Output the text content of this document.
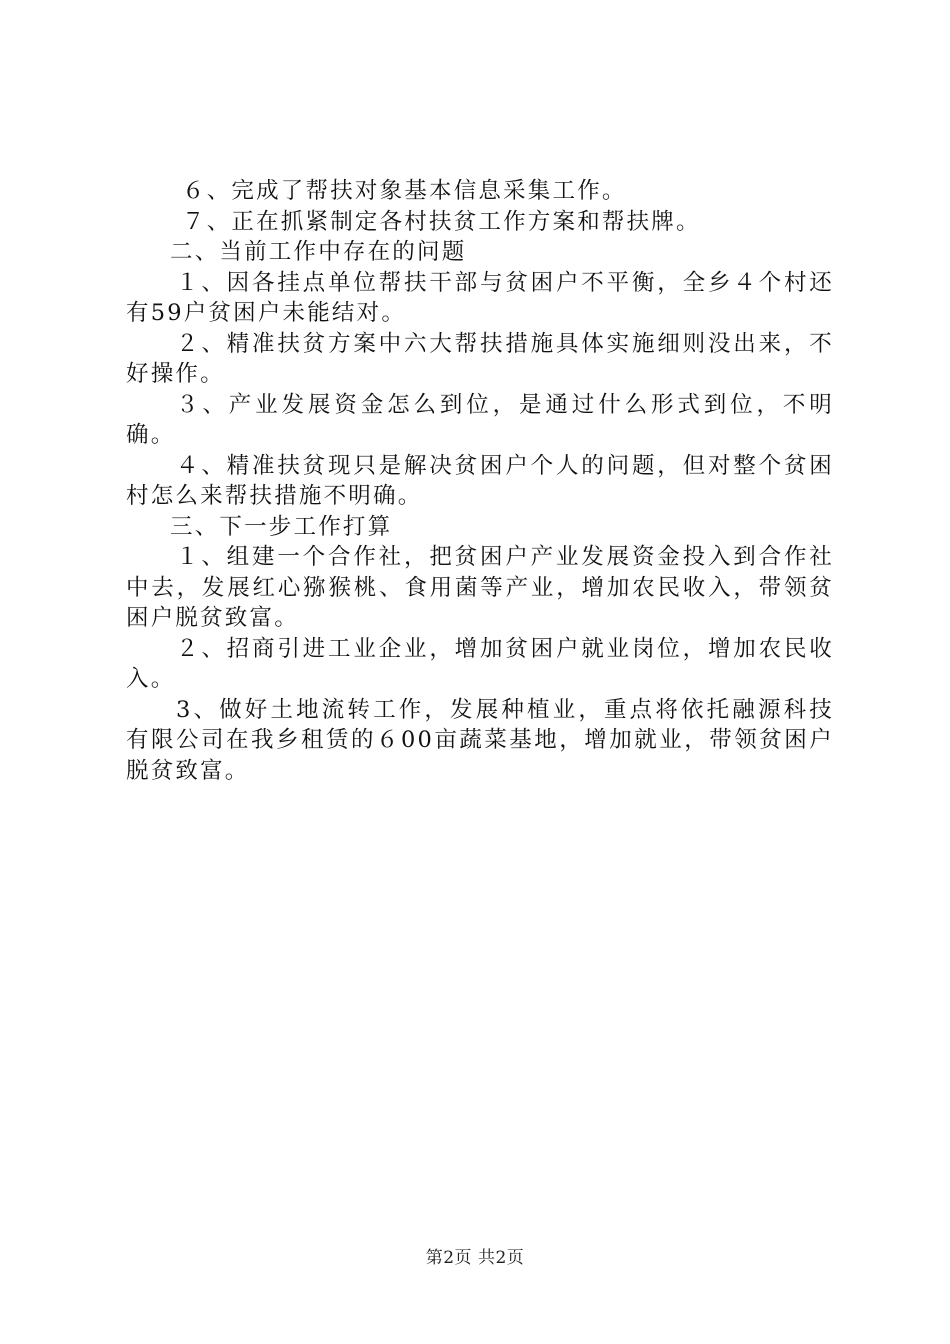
６、完成了帮扶对象基本信息采集工作。

７、正在抓紧制定各村扶贫工作方案和帮扶牌。

二、当前工作中存在的问题

１、因各挂点单位帮扶干部与贫困户不平衡，全乡４个村还有59户贫困户未能结对。

２、精准扶贫方案中六大帮扶措施具体实施细则没出来，不好操作。

３、产业发展资金怎么到位，是通过什么形式到位，不明确。

４、精准扶贫现只是解决贫困户个人的问题，但对整个贫困村怎么来帮扶措施不明确。

三、下一步工作打算

１、组建一个合作社，把贫困户产业发展资金投入到合作社中去，发展红心猕猴桃、食用菌等产业，增加农民收入，带领贫困户脱贫致富。

２、招商引进工业企业，增加贫困户就业岗位，增加农民收入。

3、做好土地流转工作，发展种植业，重点将依托融源科技有限公司在我乡租赁的６00亩蔬菜基地，增加就业，带领贫困户脱贫致富。

第2页 共2页
